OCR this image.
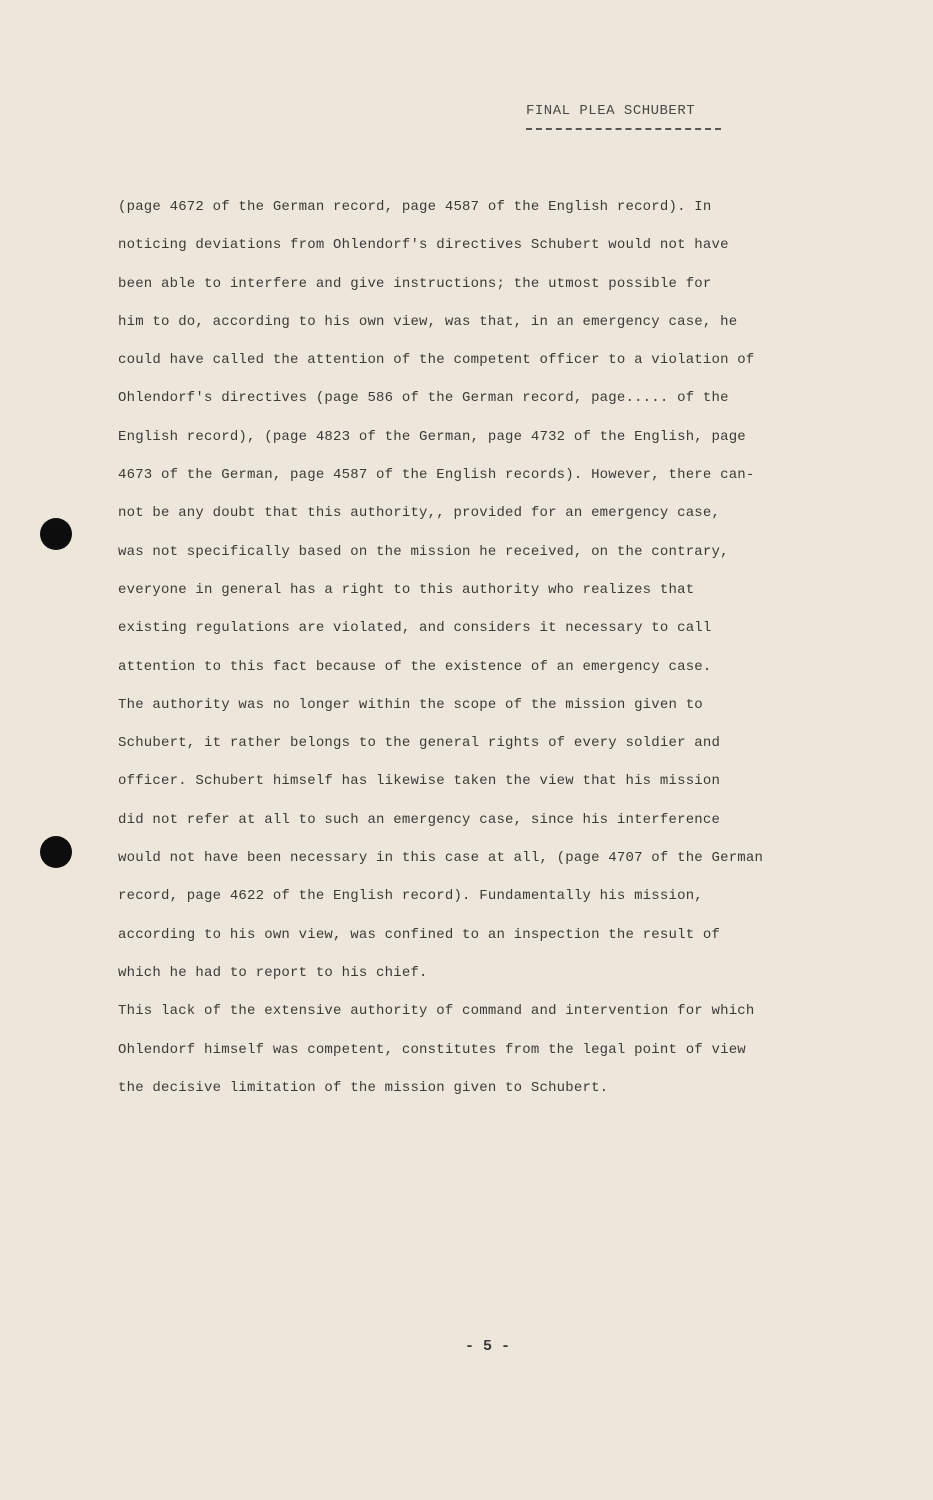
FINAL PLEA SCHUBERT
(page 4672 of the German record, page 4587 of the English record). In
noticing deviations from Ohlendorf's directives Schubert would not have
been able to interfere and give instructions; the utmost possible for
him to do, according to his own view, was that, in an emergency case, he
could have called the attention of the competent officer to a violation of
Ohlendorf's directives (page 586 of the German record, page..... of the
English record), (page 4823 of the German, page 4732 of the English, page
4673 of the German, page 4587 of the English records). However, there can-
not be any doubt that this authority,, provided for an emergency case,
was not specifically based on the mission he received, on the contrary,
everyone in general has a right to this authority who realizes that
existing regulations are violated, and considers it necessary to call
attention to this fact because of the existence of an emergency case.
The authority was no longer within the scope of the mission given to
Schubert, it rather belongs to the general rights of every soldier and
officer. Schubert himself has likewise taken the view that his mission
did not refer at all to such an emergency case, since his interference
would not have been necessary in this case at all, (page 4707 of the German
record, page 4622 of the English record). Fundamentally his mission,
according to his own view, was confined to an inspection the result of
which he had to report to his chief.
This lack of the extensive authority of command and intervention for which
Ohlendorf himself was competent, constitutes from the legal point of view
the decisive limitation of the mission given to Schubert.
- 5 -
